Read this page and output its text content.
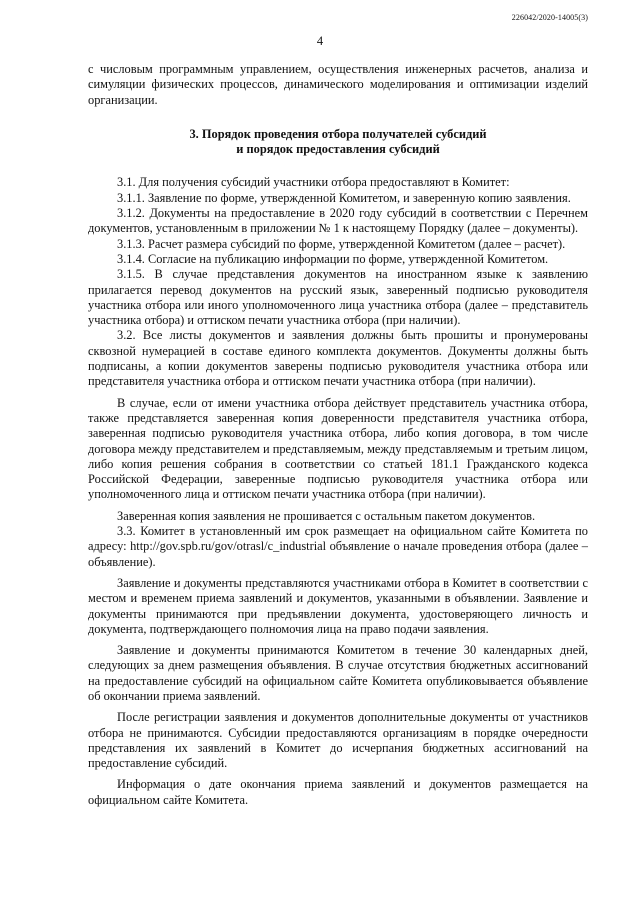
226042/2020-14005(3)
4

с числовым программным управлением, осуществления инженерных расчетов, анализа и симуляции физических процессов, динамического моделирования и оптимизации изделий организации.

3. Порядок проведения отбора получателей субсидий
и порядок предоставления субсидий

3.1. Для получения субсидий участники отбора предоставляют в Комитет:

3.1.1. Заявление по форме, утвержденной Комитетом, и заверенную копию заявления.

3.1.2. Документы на предоставление в 2020 году субсидий в соответствии с Перечнем документов, установленным в приложении № 1 к настоящему Порядку (далее – документы).

3.1.3. Расчет размера субсидий по форме, утвержденной Комитетом (далее – расчет).

3.1.4. Согласие на публикацию информации по форме, утвержденной Комитетом.

3.1.5. В случае представления документов на иностранном языке к заявлению прилагается перевод документов на русский язык, заверенный подписью руководителя участника отбора или иного уполномоченного лица участника отбора (далее – представитель участника отбора) и оттиском печати участника отбора (при наличии).

3.2. Все листы документов и заявления должны быть прошиты и пронумерованы сквозной нумерацией в составе единого комплекта документов. Документы должны быть подписаны, а копии документов заверены подписью руководителя участника отбора или представителя участника отбора и оттиском печати участника отбора (при наличии).

В случае, если от имени участника отбора действует представитель участника отбора, также представляется заверенная копия доверенности представителя участника отбора, заверенная подписью руководителя участника отбора, либо копия договора, в том числе договора между представителем и представляемым, между представляемым и третьим лицом, либо копия решения собрания в соответствии со статьей 181.1 Гражданского кодекса Российской Федерации, заверенные подписью руководителя участника отбора или уполномоченного лица и оттиском печати участника отбора (при наличии).

Заверенная копия заявления не прошивается с остальным пакетом документов.

3.3. Комитет в установленный им срок размещает на официальном сайте Комитета по адресу: http://gov.spb.ru/gov/otrasl/c_industrial объявление о начале проведения отбора (далее – объявление).

Заявление и документы представляются участниками отбора в Комитет в соответствии с местом и временем приема заявлений и документов, указанными в объявлении. Заявление и документы принимаются при предъявлении документа, удостоверяющего личность и документа, подтверждающего полномочия лица на право подачи заявления.

Заявление и документы принимаются Комитетом в течение 30 календарных дней, следующих за днем размещения объявления. В случае отсутствия бюджетных ассигнований на предоставление субсидий на официальном сайте Комитета опубликовывается объявление об окончании приема заявлений.

После регистрации заявления и документов дополнительные документы от участников отбора не принимаются. Субсидии предоставляются организациям в порядке очередности представления их заявлений в Комитет до исчерпания бюджетных ассигнований на предоставление субсидий.

Информация о дате окончания приема заявлений и документов размещается на официальном сайте Комитета.
